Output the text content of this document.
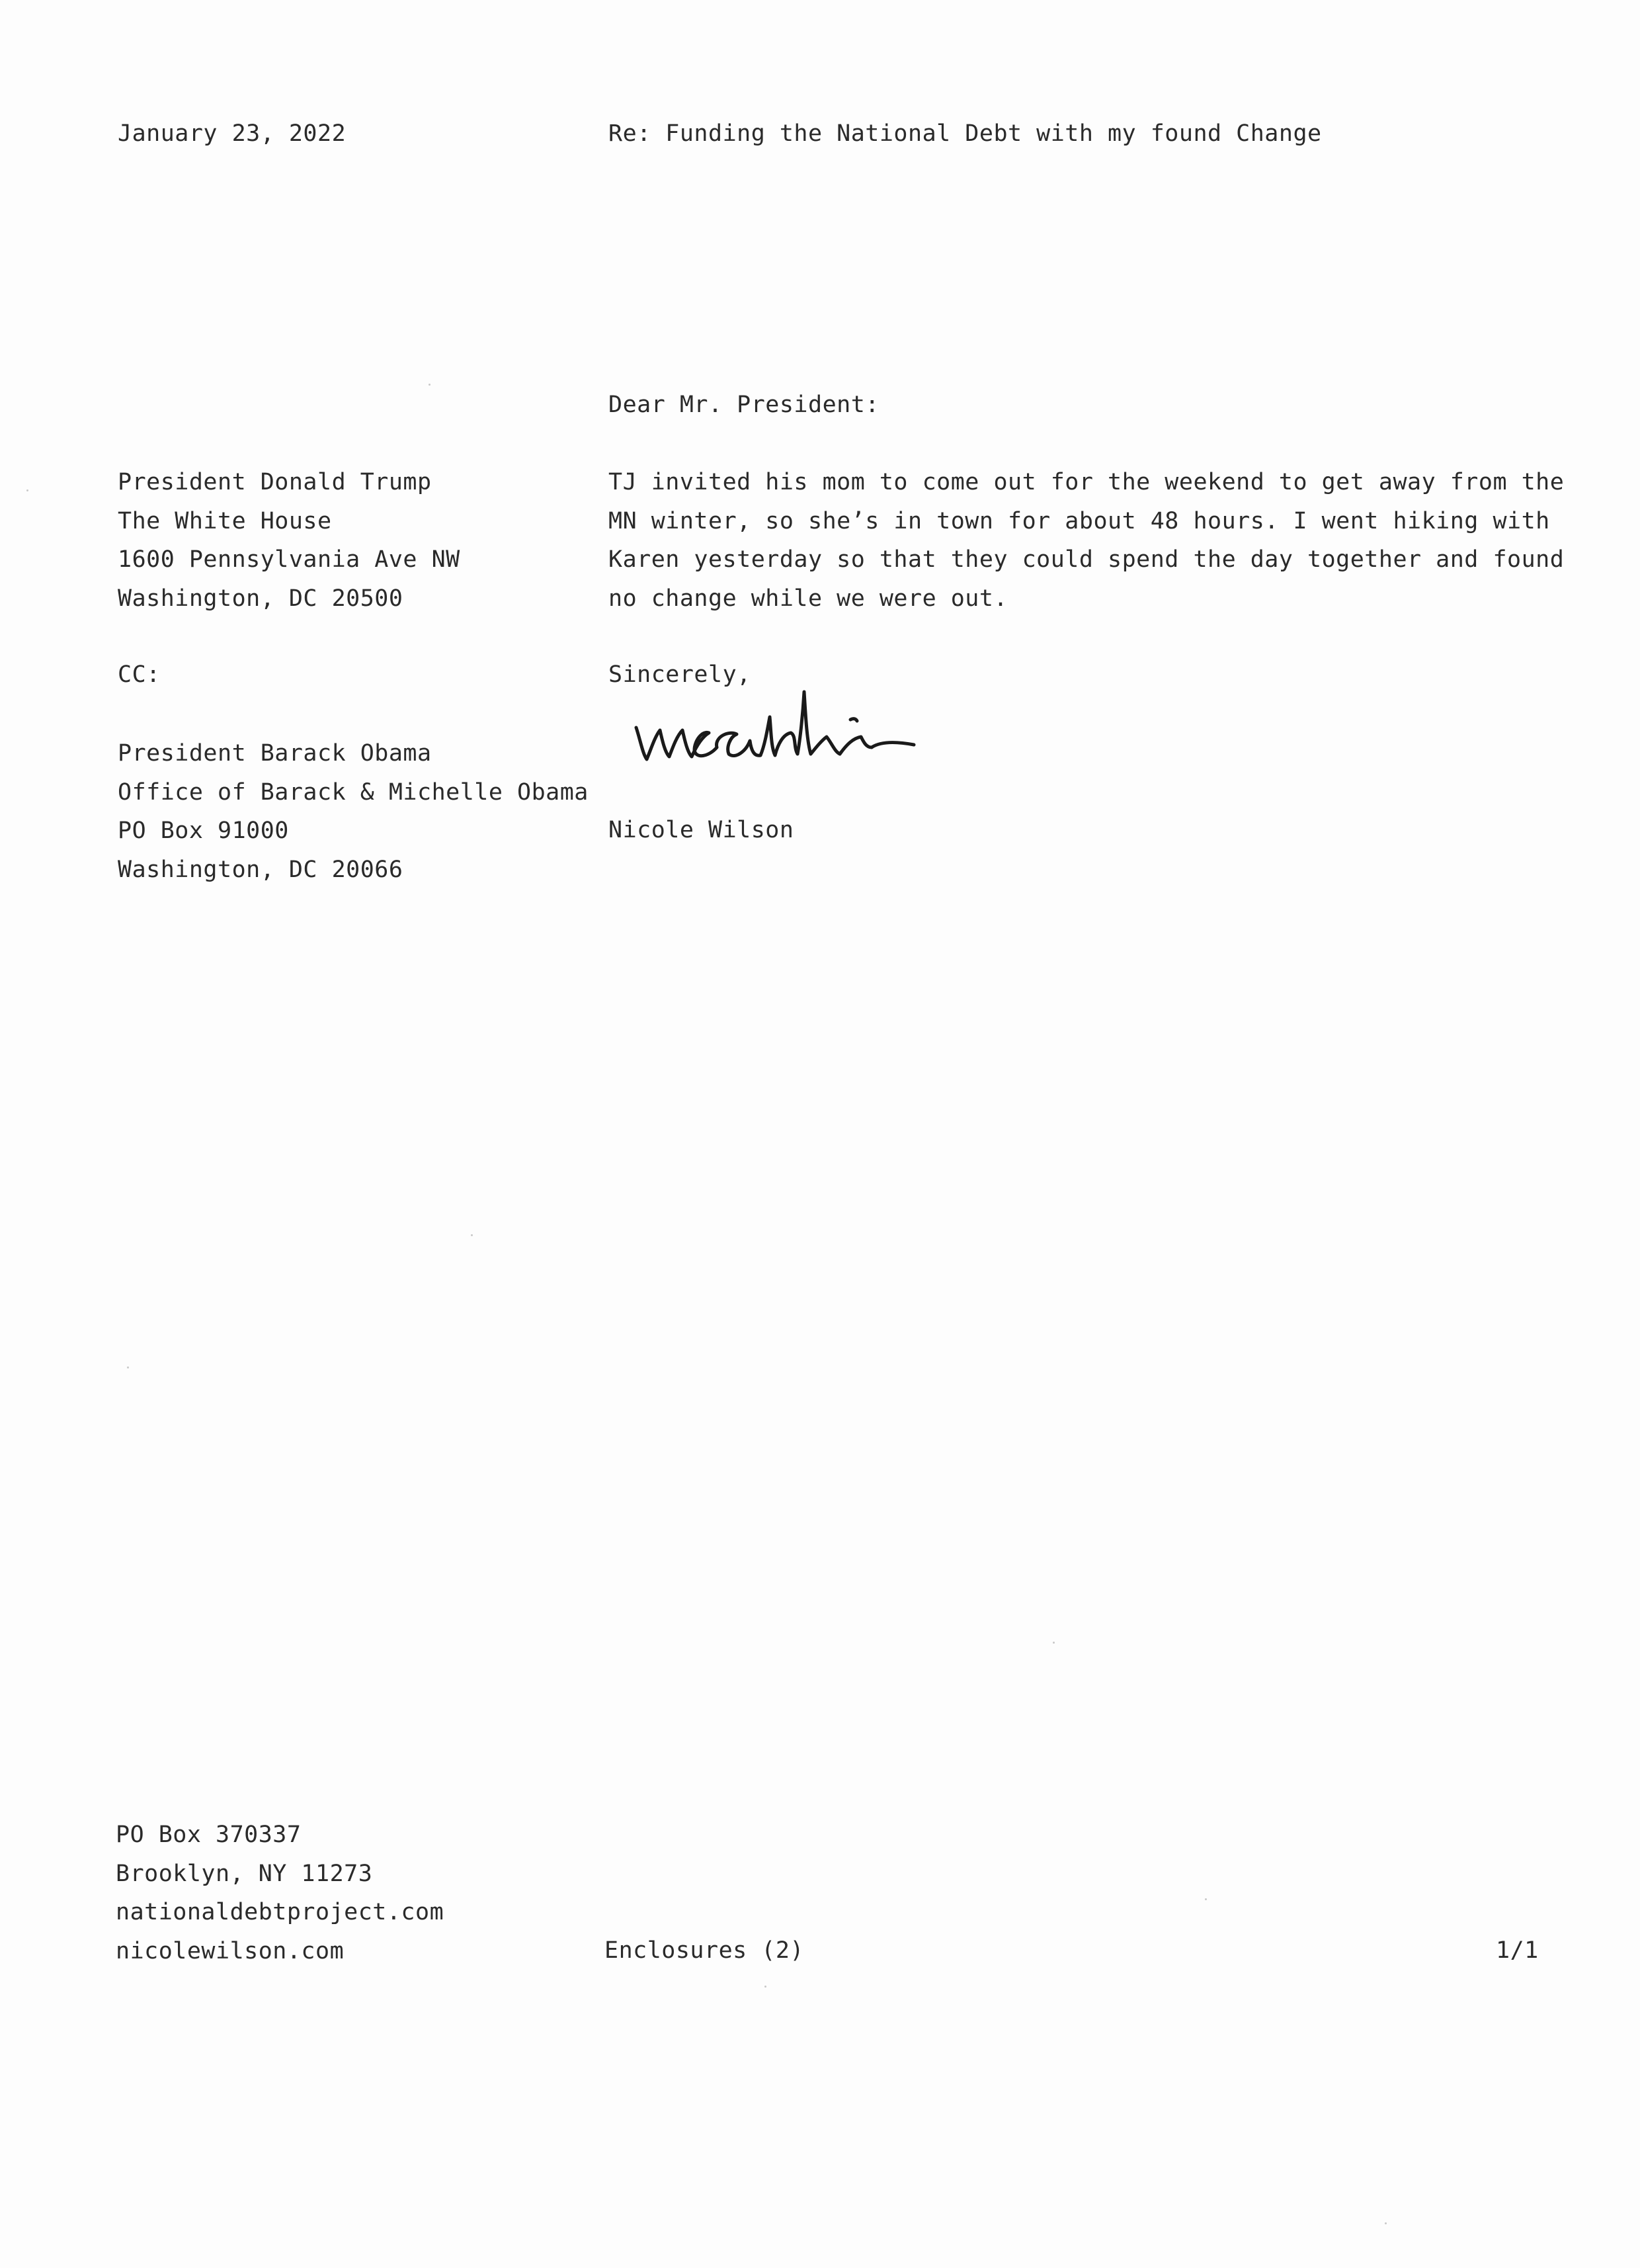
January 23, 2022	Re: Funding the National Debt with my found Change
Dear Mr. President:
President Donald Trump
The White House
1600 Pennsylvania Ave NW
Washington, DC 20500
TJ invited his mom to come out for the weekend to get away from the
MN winter, so she’s in town for about 48 hours. I went hiking with
Karen yesterday so that they could spend the day together and found
no change while we were out.
CC:
President Barack Obama
Office of Barack & Michelle Obama
PO Box 91000
Washington, DC 20066
Sincerely,
Nicole Wilson
PO Box 370337
Brooklyn, NY 11273
nationaldebtproject.com
nicolewilson.com	Enclosures (2)	1/1
